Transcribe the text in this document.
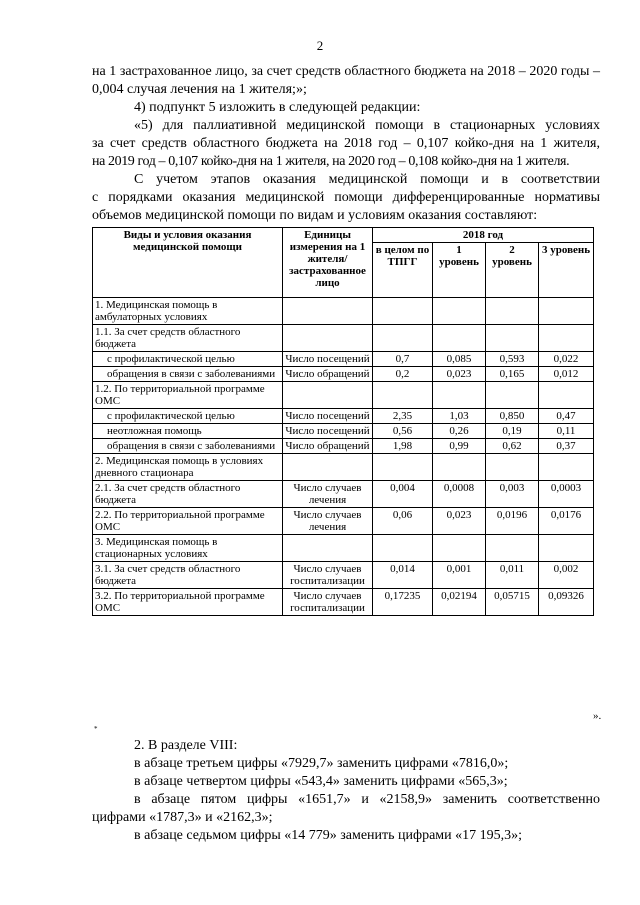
2
на 1 застрахованное лицо, за счет средств областного бюджета на 2018 – 2020 годы –
0,004 случая лечения на 1 жителя;»;
4) подпункт 5 изложить в следующей редакции:
«5) для паллиативной медицинской помощи в стационарных условиях
за счет средств областного бюджета на 2018 год – 0,107 койко-дня на 1 жителя,
на 2019 год – 0,107 койко-дня на 1 жителя, на 2020 год – 0,108 койко-дня на 1 жителя.
С учетом этапов оказания медицинской помощи и в соответствии
с порядками оказания медицинской помощи дифференцированные нормативы
объемов медицинской помощи по видам и условиям оказания составляют:
Виды и условия оказания медицинской помощи	Единицы измерения на 1 жителя/ застрахованное лицо	2018 год			
		в целом по ТПГГ	1 уровень	2 уровень	3 уровень
1. Медицинская помощь в амбулаторных условиях					
1.1. За счет средств областного бюджета					
с профилактической целью	Число посещений	0,7	0,085	0,593	0,022
обращения в связи с заболеваниями	Число обращений	0,2	0,023	0,165	0,012
1.2. По территориальной программе ОМС					
с профилактической целью	Число посещений	2,35	1,03	0,850	0,47
неотложная помощь	Число посещений	0,56	0,26	0,19	0,11
обращения в связи с заболеваниями	Число обращений	1,98	0,99	0,62	0,37
2. Медицинская помощь в условиях дневного стационара					
2.1. За счет средств областного бюджета	Число случаев лечения	0,004	0,0008	0,003	0,0003
2.2. По территориальной программе ОМС	Число случаев лечения	0,06	0,023	0,0196	0,0176
3. Медицинская помощь в стационарных условиях					
3.1. За счет средств областного бюджета	Число случаев госпитализации	0,014	0,001	0,011	0,002
3.2. По территориальной программе ОМС	Число случаев госпитализации	0,17235	0,02194	0,05715	0,09326
».
*
2. В разделе VIII:
в абзаце третьем цифры «7929,7» заменить цифрами «7816,0»;
в абзаце четвертом цифры «543,4» заменить цифрами «565,3»;
в абзаце пятом цифры «1651,7» и «2158,9» заменить соответственно
цифрами «1787,3» и «2162,3»;
в абзаце седьмом цифры «14 779» заменить цифрами «17 195,3»;
